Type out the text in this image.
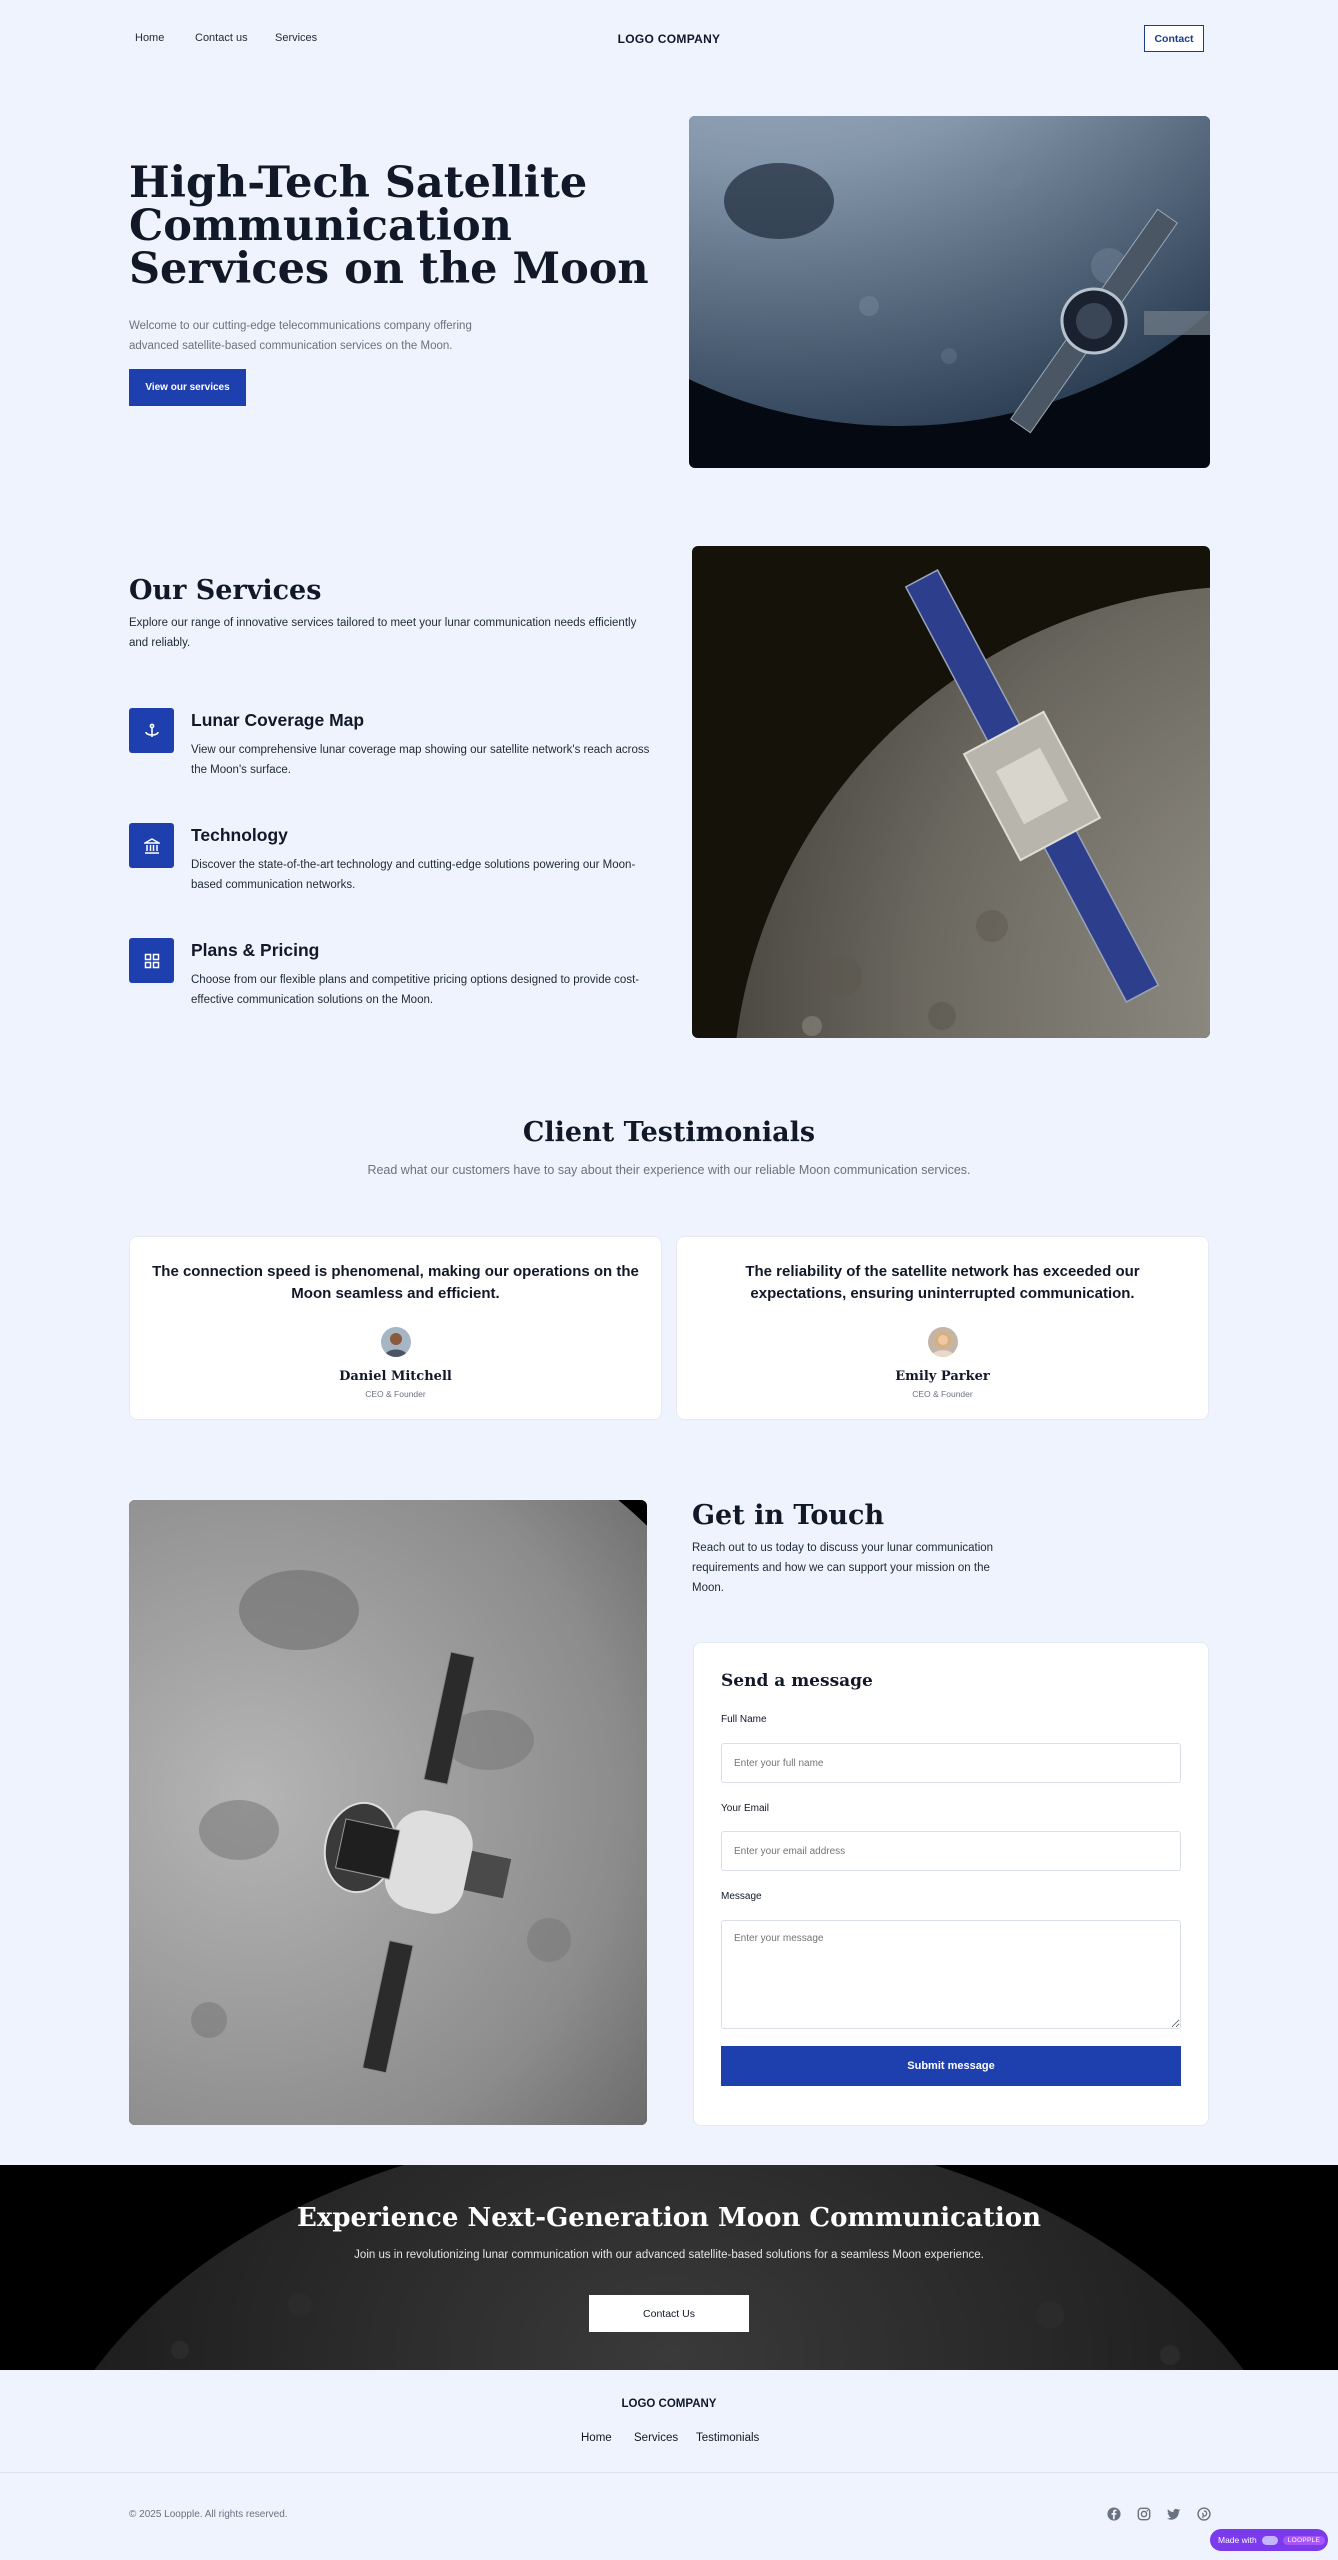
Home	Contact us Services	LOGO COMPANY	Contact
High-Tech Satellite Communication Services on the Moon

Welcome to our cutting-edge telecommunications company offering advanced satellite-based communication services on the Moon.

View our services
Our Services

Explore our range of innovative services tailored to meet your lunar communication needs efficiently and reliably.

Lunar Coverage Map
View our comprehensive lunar coverage map showing our satellite network's reach across the Moon's surface.
Technology
Discover the state-of-the-art technology and cutting-edge solutions powering our Moon-based communication networks.
Plans & Pricing
Choose from our flexible plans and competitive pricing options designed to provide cost-effective communication solutions on the Moon.
Client Testimonials

Read what our customers have to say about their experience with our reliable Moon communication services.

The connection speed is phenomenal, making our operations on the Moon seamless and efficient.
Daniel Mitchell
CEO & Founder
The reliability of the satellite network has exceeded our expectations, ensuring uninterrupted communication.
Emily Parker
CEO & Founder
Get in Touch

Reach out to us today to discuss your lunar communication requirements and how we can support your mission on the Moon.

Send a message
Full Name
Enter your full name
Your Email
Enter your email address
Message
Enter your message
Submit message
Experience Next-Generation Moon Communication

Join us in revolutionizing lunar communication with our advanced satellite-based solutions for a seamless Moon experience.

Contact Us
LOGO COMPANY
Home Services Testimonials
© 2025 Loopple. All rights reserved.
Made with	LOOPPLE
